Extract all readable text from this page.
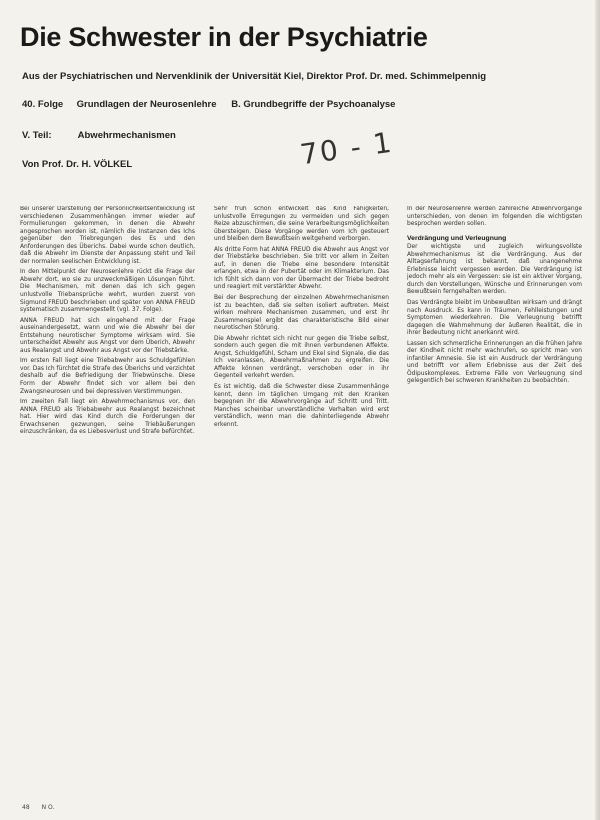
Die Schwester in der Psychiatrie
Aus der Psychiatrischen und Nervenklinik der Universität Kiel, Direktor Prof. Dr. med. Schimmelpennig
40. Folge Grundlagen der Neurosenlehre B. Grundbegriffe der Psychoanalyse
V. Teil:	Abwehrmechanismen
Von Prof. Dr. H. VÖLKEL	70 - 1

Bei unserer Darstellung der Persönlichkeitsentwicklung ist verschiedenen Zusammenhängen immer wieder auf Formulierungen gekommen, in denen die Abwehr angesprochen worden ist, nämlich die Instanzen des Ichs gegenüber den Triebregungen des Es und den Anforderungen des Überichs. Dabei wurde schon deutlich, daß die Abwehr im Dienste der Anpassung steht und Teil der normalen seelischen Entwicklung ist.

In den Mittelpunkt der Neurosenlehre rückt die Frage der Abwehr dort, wo sie zu unzweckmäßigen Lösungen führt. Die Mechanismen, mit denen das Ich sich gegen unlustvolle Triebansprüche wehrt, wurden zuerst von Sigmund FREUD beschrieben und später von ANNA FREUD systematisch zusammengestellt (vgl. 37. Folge).

ANNA FREUD hat sich eingehend mit der Frage auseinandergesetzt, wann und wie die Abwehr bei der Entstehung neurotischer Symptome wirksam wird. Sie unterscheidet Abwehr aus Angst vor dem Überich, Abwehr aus Realangst und Abwehr aus Angst vor der Triebstärke.

Im ersten Fall liegt eine Triebabwehr aus Schuldgefühlen vor. Das Ich fürchtet die Strafe des Überichs und verzichtet deshalb auf die Befriedigung der Triebwünsche. Diese Form der Abwehr findet sich vor allem bei den Zwangsneurosen und bei depressiven Verstimmungen.

Im zweiten Fall liegt ein Abwehrmechanismus vor, den ANNA FREUD als Triebabwehr aus Realangst bezeichnet hat. Hier wird das Kind durch die Forderungen der Erwachsenen gezwungen, seine Triebäußerungen einzuschränken, da es Liebesverlust und Strafe befürchtet.

Sehr früh schon entwickelt das Kind Fähigkeiten, unlustvolle Erregungen zu vermeiden und sich gegen Reize abzuschirmen, die seine Verarbeitungsmöglichkeiten übersteigen. Diese Vorgänge werden vom Ich gesteuert und bleiben dem Bewußtsein weitgehend verborgen.

Als dritte Form hat ANNA FREUD die Abwehr aus Angst vor der Triebstärke beschrieben. Sie tritt vor allem in Zeiten auf, in denen die Triebe eine besondere Intensität erlangen, etwa in der Pubertät oder im Klimakterium. Das Ich fühlt sich dann von der Übermacht der Triebe bedroht und reagiert mit verstärkter Abwehr.

Bei der Besprechung der einzelnen Abwehrmechanismen ist zu beachten, daß sie selten isoliert auftreten. Meist wirken mehrere Mechanismen zusammen, und erst ihr Zusammenspiel ergibt das charakteristische Bild einer neurotischen Störung.

Die Abwehr richtet sich nicht nur gegen die Triebe selbst, sondern auch gegen die mit ihnen verbundenen Affekte. Angst, Schuldgefühl, Scham und Ekel sind Signale, die das Ich veranlassen, Abwehrmaßnahmen zu ergreifen. Die Affekte können verdrängt, verschoben oder in ihr Gegenteil verkehrt werden.

Es ist wichtig, daß die Schwester diese Zusammenhänge kennt, denn im täglichen Umgang mit den Kranken begegnen ihr die Abwehrvorgänge auf Schritt und Tritt. Manches scheinbar unverständliche Verhalten wird erst verständlich, wenn man die dahinterliegende Abwehr erkennt.

In der Neurosenlehre werden zahlreiche Abwehrvorgänge unterschieden, von denen im folgenden die wichtigsten besprochen werden sollen.

Verdrängung und Verleugnung

Der wichtigste und zugleich wirkungsvollste Abwehrmechanismus ist die Verdrängung. Aus der Alltagserfahrung ist bekannt, daß unangenehme Erlebnisse leicht vergessen werden. Die Verdrängung ist jedoch mehr als ein Vergessen: sie ist ein aktiver Vorgang, durch den Vorstellungen, Wünsche und Erinnerungen vom Bewußtsein ferngehalten werden.

Das Verdrängte bleibt im Unbewußten wirksam und drängt nach Ausdruck. Es kann in Träumen, Fehlleistungen und Symptomen wiederkehren. Die Verleugnung betrifft dagegen die Wahrnehmung der äußeren Realität, die in ihrer Bedeutung nicht anerkannt wird.

Lassen sich schmerzliche Erinnerungen an die frühen Jahre der Kindheit nicht mehr wachrufen, so spricht man von infantiler Amnesie. Sie ist ein Ausdruck der Verdrängung und betrifft vor allem Erlebnisse aus der Zeit des Ödipuskomplexes. Extreme Fälle von Verleugnung sind gelegentlich bei schweren Krankheiten zu beobachten.

48 N O.
